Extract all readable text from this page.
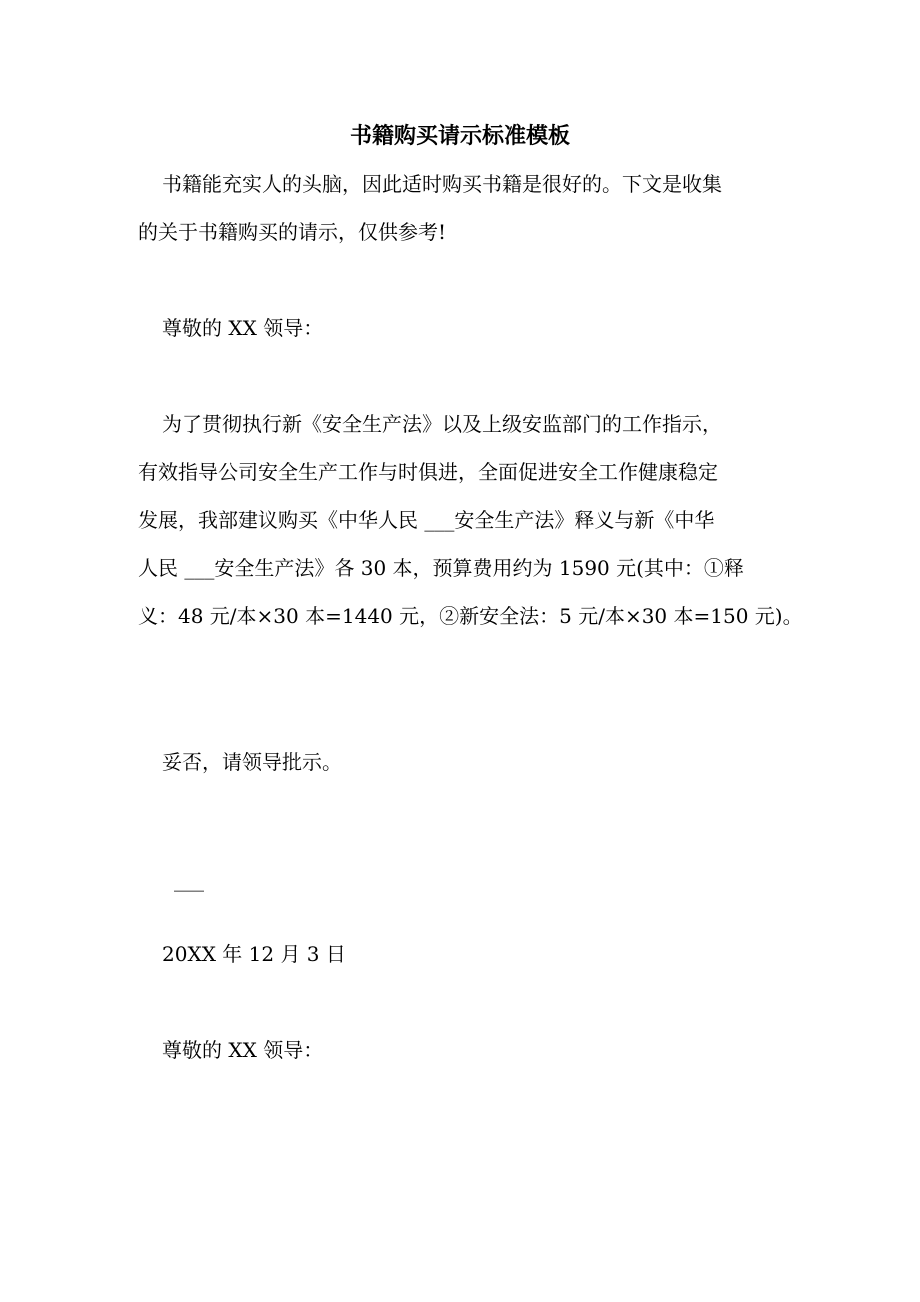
书籍购买请示标准模板
书籍能充实人的头脑，因此适时购买书籍是很好的。下文是收集
的关于书籍购买的请示，仅供参考!
尊敬的 XX 领导：
为了贯彻执行新《安全生产法》以及上级安监部门的工作指示，
有效指导公司安全生产工作与时俱进，全面促进安全工作健康稳定
发展，我部建议购买《中华人民 ___安全生产法》释义与新《中华
人民 ___安全生产法》各 30 本，预算费用约为 1590 元(其中：①释
义：48 元/本×30 本=1440 元，②新安全法：5 元/本×30 本=150 元)。
妥否，请领导批示。
___
20XX 年 12 月 3 日
尊敬的 XX 领导：
